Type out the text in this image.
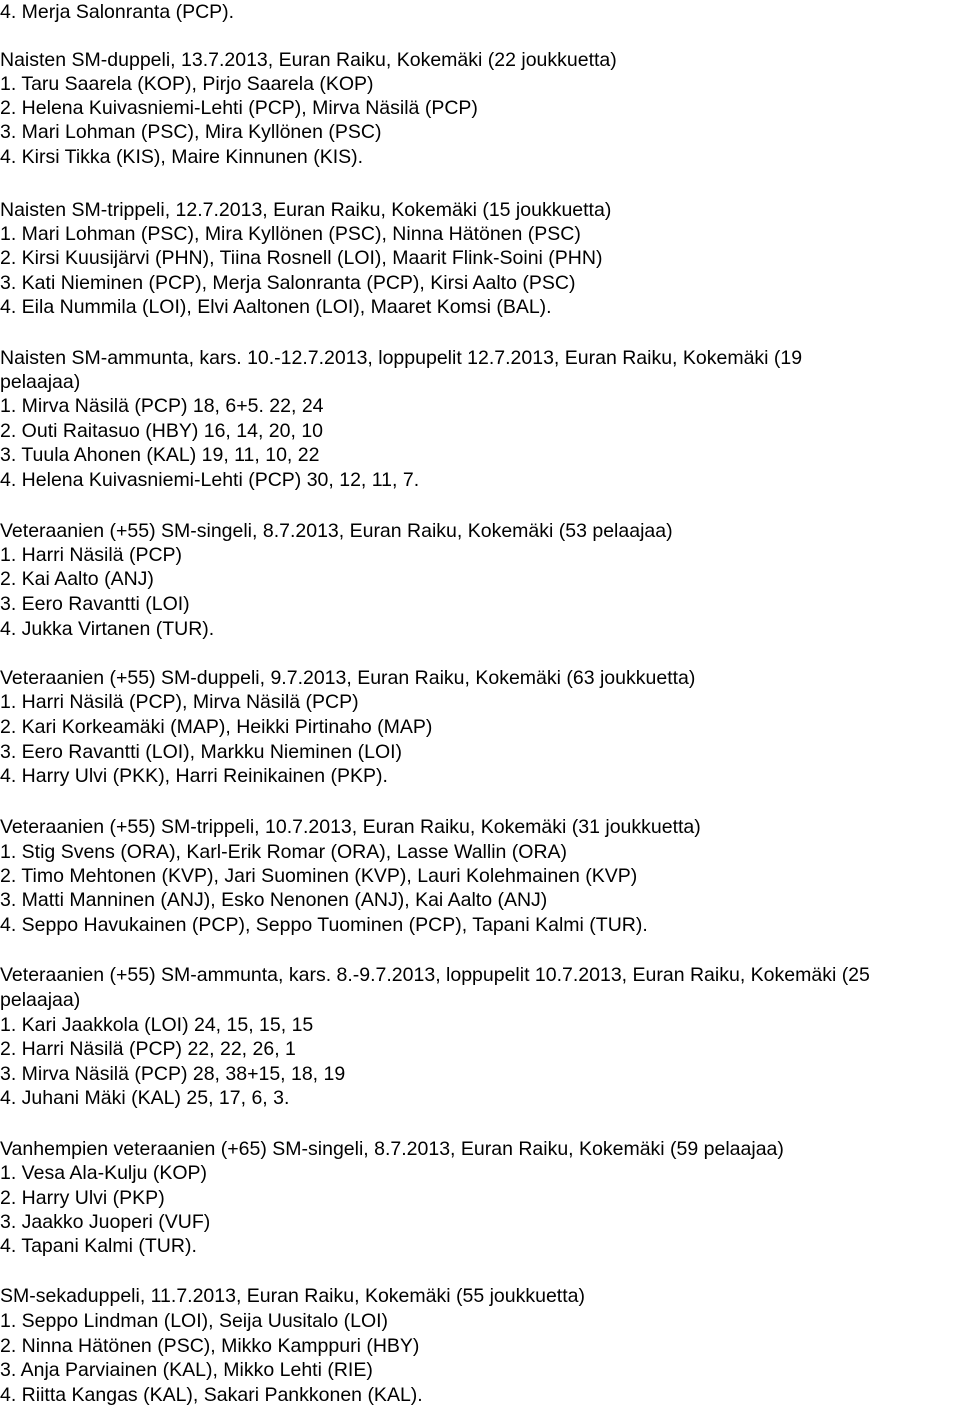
4. Merja Salonranta (PCP).
Naisten SM-duppeli, 13.7.2013, Euran Raiku, Kokemäki (22 joukkuetta)
1. Taru Saarela (KOP), Pirjo Saarela (KOP)
2. Helena Kuivasniemi-Lehti (PCP), Mirva Näsilä (PCP)
3. Mari Lohman (PSC), Mira Kyllönen (PSC)
4. Kirsi Tikka (KIS), Maire Kinnunen (KIS).
Naisten SM-trippeli, 12.7.2013, Euran Raiku, Kokemäki (15 joukkuetta)
1. Mari Lohman (PSC), Mira Kyllönen (PSC), Ninna Hätönen (PSC)
2. Kirsi Kuusijärvi (PHN), Tiina Rosnell (LOI), Maarit Flink-Soini (PHN)
3. Kati Nieminen (PCP), Merja Salonranta (PCP), Kirsi Aalto (PSC)
4. Eila Nummila (LOI), Elvi Aaltonen (LOI), Maaret Komsi (BAL).
Naisten SM-ammunta, kars. 10.-12.7.2013, loppupelit 12.7.2013, Euran Raiku, Kokemäki (19
pelaajaa)
1. Mirva Näsilä (PCP) 18, 6+5. 22, 24
2. Outi Raitasuo (HBY) 16, 14, 20, 10
3. Tuula Ahonen (KAL) 19, 11, 10, 22
4. Helena Kuivasniemi-Lehti (PCP) 30, 12, 11, 7.
Veteraanien (+55) SM-singeli, 8.7.2013, Euran Raiku, Kokemäki (53 pelaajaa)
1. Harri Näsilä (PCP)
2. Kai Aalto (ANJ)
3. Eero Ravantti (LOI)
4. Jukka Virtanen (TUR).
Veteraanien (+55) SM-duppeli, 9.7.2013, Euran Raiku, Kokemäki (63 joukkuetta)
1. Harri Näsilä (PCP), Mirva Näsilä (PCP)
2. Kari Korkeamäki (MAP), Heikki Pirtinaho (MAP)
3. Eero Ravantti (LOI), Markku Nieminen (LOI)
4. Harry Ulvi (PKK), Harri Reinikainen (PKP).
Veteraanien (+55) SM-trippeli, 10.7.2013, Euran Raiku, Kokemäki (31 joukkuetta)
1. Stig Svens (ORA), Karl-Erik Romar (ORA), Lasse Wallin (ORA)
2. Timo Mehtonen (KVP), Jari Suominen (KVP), Lauri Kolehmainen (KVP)
3. Matti Manninen (ANJ), Esko Nenonen (ANJ), Kai Aalto (ANJ)
4. Seppo Havukainen (PCP), Seppo Tuominen (PCP), Tapani Kalmi (TUR).
Veteraanien (+55) SM-ammunta, kars. 8.-9.7.2013, loppupelit 10.7.2013, Euran Raiku, Kokemäki (25
pelaajaa)
1. Kari Jaakkola (LOI) 24, 15, 15, 15
2. Harri Näsilä (PCP) 22, 22, 26, 1
3. Mirva Näsilä (PCP) 28, 38+15, 18, 19
4. Juhani Mäki (KAL) 25, 17, 6, 3.
Vanhempien veteraanien (+65) SM-singeli, 8.7.2013, Euran Raiku, Kokemäki (59 pelaajaa)
1. Vesa Ala-Kulju (KOP)
2. Harry Ulvi (PKP)
3. Jaakko Juoperi (VUF)
4. Tapani Kalmi (TUR).
SM-sekaduppeli, 11.7.2013, Euran Raiku, Kokemäki (55 joukkuetta)
1. Seppo Lindman (LOI), Seija Uusitalo (LOI)
2. Ninna Hätönen (PSC), Mikko Kamppuri (HBY)
3. Anja Parviainen (KAL), Mikko Lehti (RIE)
4. Riitta Kangas (KAL), Sakari Pankkonen (KAL).
